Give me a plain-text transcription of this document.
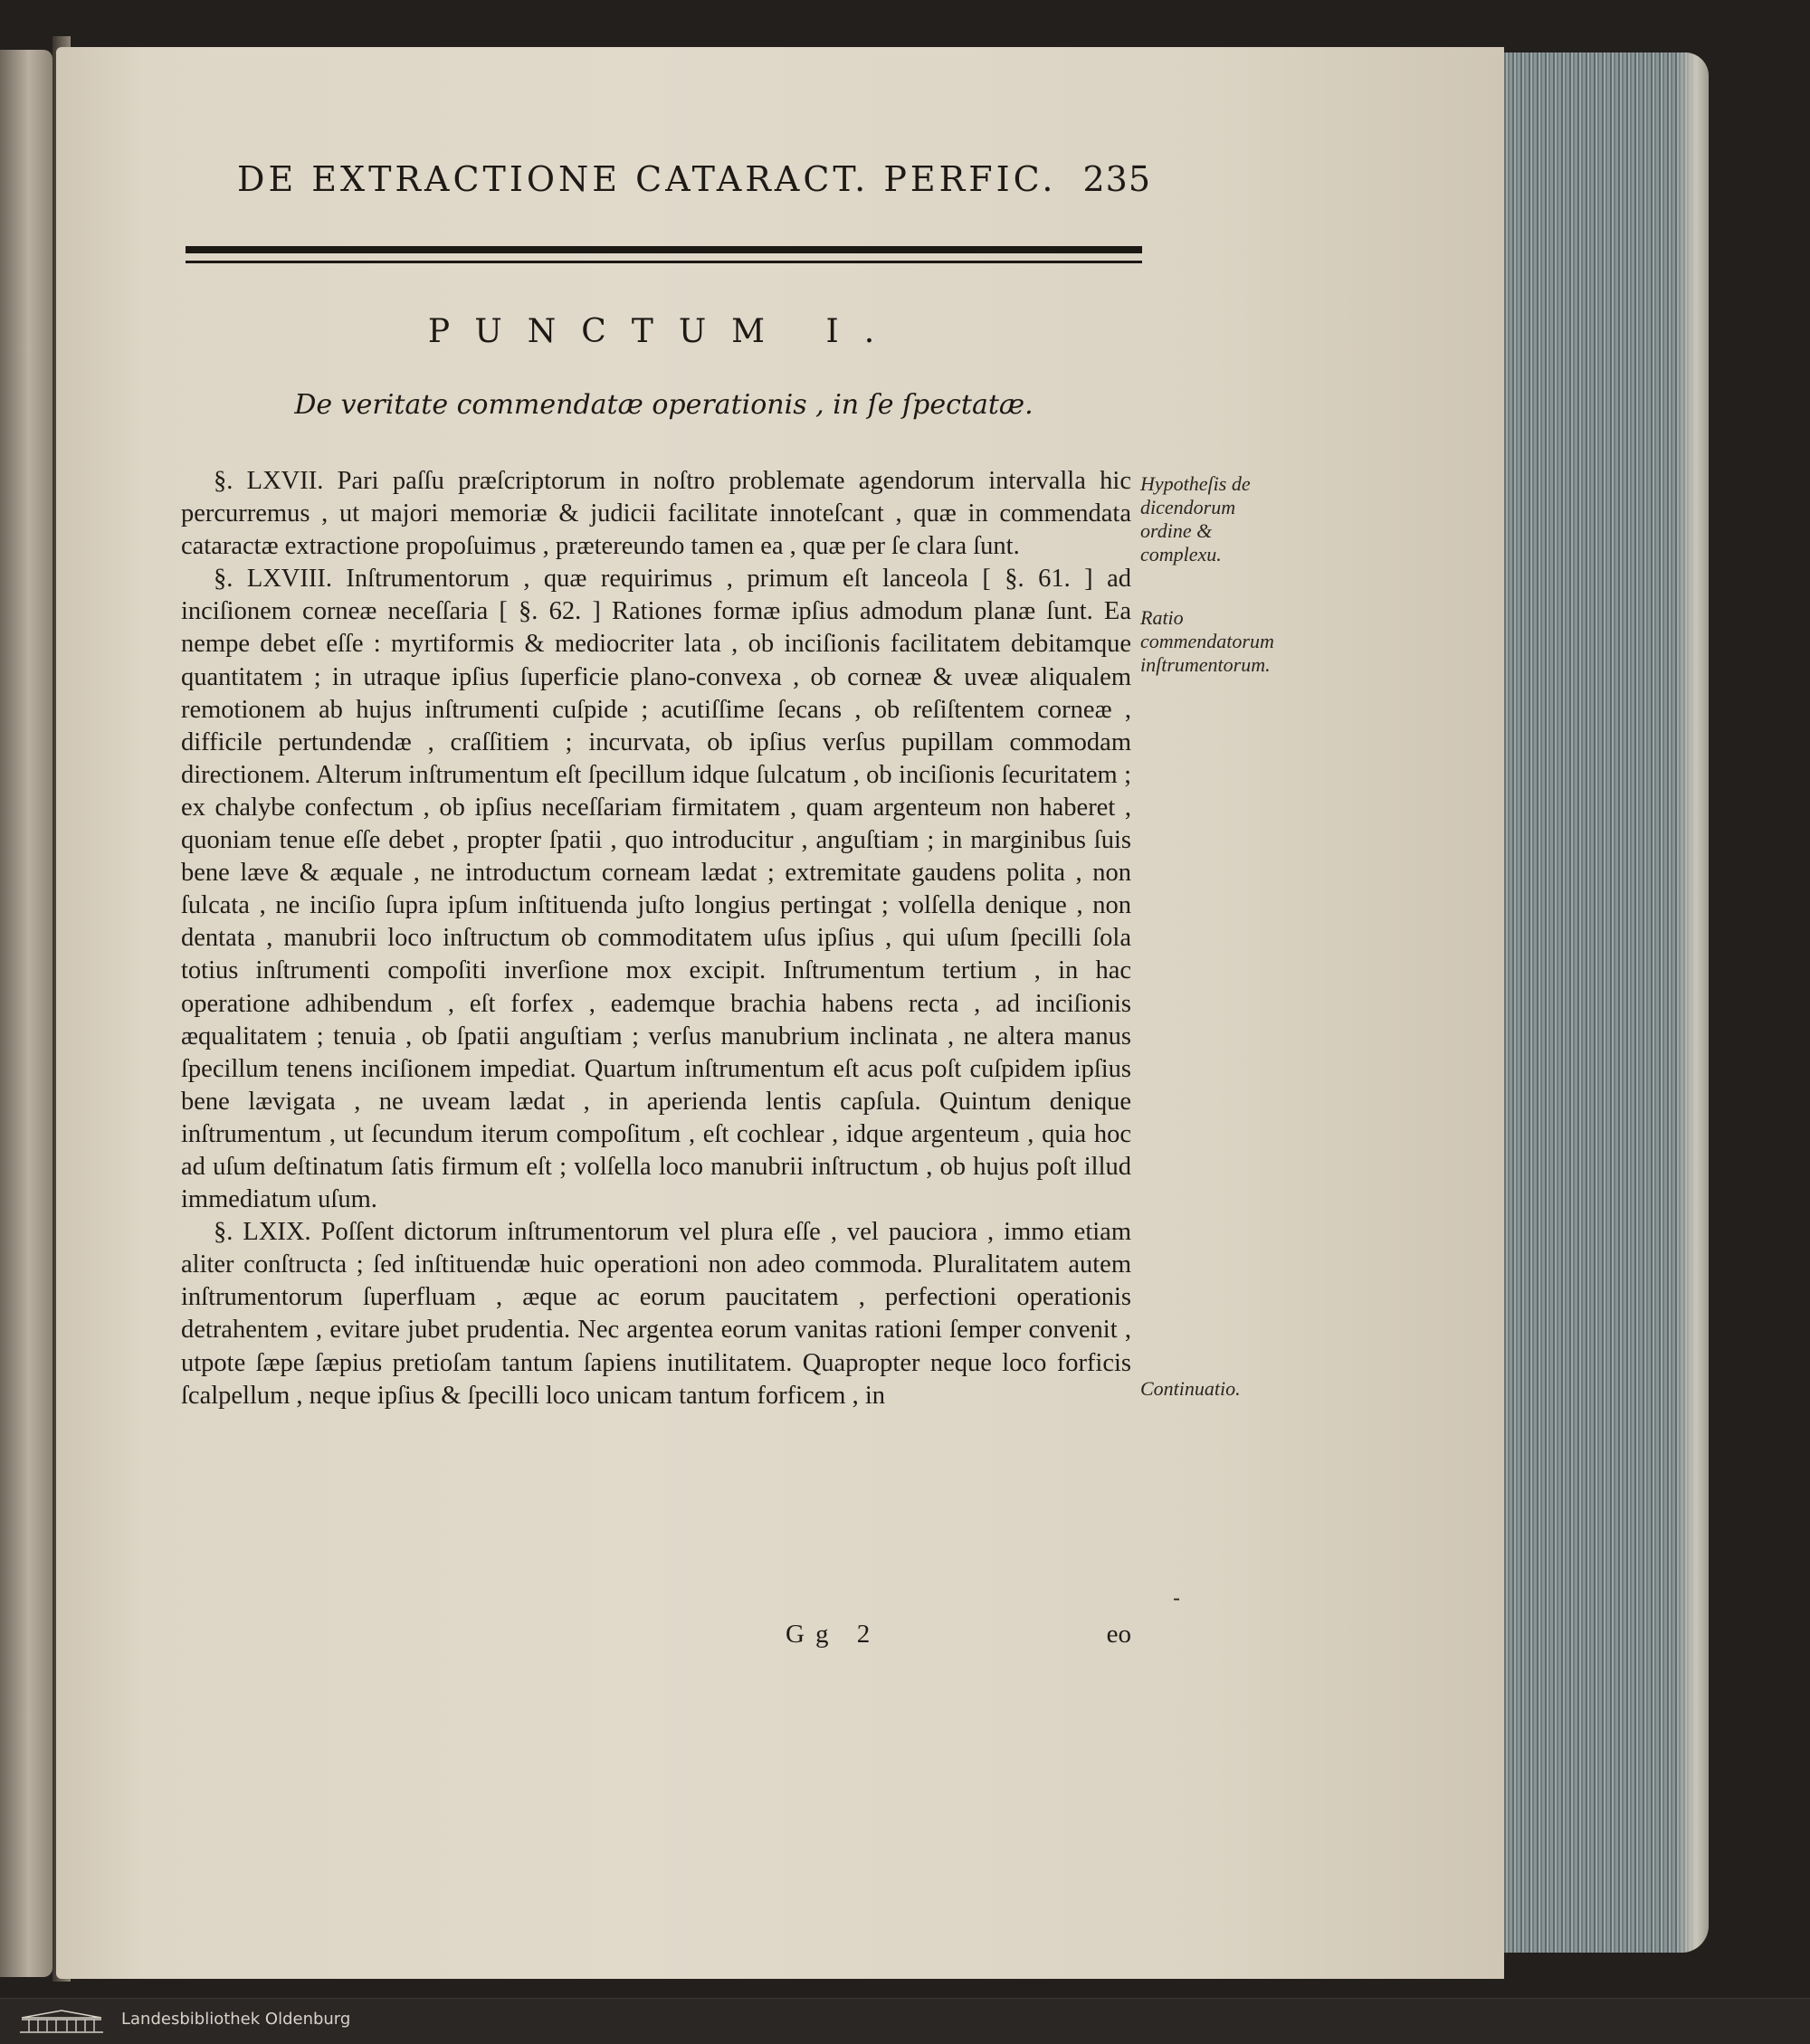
DE EXTRACTIONE CATARACT. PERFIC. 235
PUNCTUM I.
De veritate commendatæ operationis , in ſe ſpectatæ.

§. LXVII. Pari paſſu præſcriptorum in noſtro problemate agendorum intervalla hic percurremus , ut majori memoriæ & judicii facilitate innoteſcant , quæ in commendata cataractæ extractione propoſuimus , prætereundo tamen ea , quæ per ſe clara ſunt.

§. LXVIII. Inſtrumentorum , quæ requirimus , primum eſt lanceola [ §. 61. ] ad inciſionem corneæ neceſſaria [ §. 62. ] Rationes formæ ipſius admodum planæ ſunt. Ea nempe debet eſſe : myrtiformis & mediocriter lata , ob inciſionis facilitatem debitamque quantitatem ; in utraque ipſius ſuperficie plano-convexa , ob corneæ & uveæ aliqualem remotionem ab hujus inſtrumenti cuſpide ; acutiſſime ſecans , ob reſiſtentem corneæ , difficile pertundendæ , craſſitiem ; incurvata, ob ipſius verſus pupillam commodam directionem. Alterum inſtrumentum eſt ſpecillum idque ſulcatum , ob inciſionis ſecuritatem ; ex chalybe confectum , ob ipſius neceſſariam firmitatem , quam argenteum non haberet , quoniam tenue eſſe debet , propter ſpatii , quo introducitur , anguſtiam ; in marginibus ſuis bene læve & æquale , ne introductum corneam lædat ; extremitate gaudens polita , non ſulcata , ne inciſio ſupra ipſum inſtituenda juſto longius pertingat ; volſella denique , non dentata , manubrii loco inſtructum ob commoditatem uſus ipſius , qui uſum ſpecilli ſola totius inſtrumenti compoſiti inverſione mox excipit. Inſtrumentum tertium , in hac operatione adhibendum , eſt forfex , eademque brachia habens recta , ad inciſionis æqualitatem ; tenuia , ob ſpatii anguſtiam ; verſus manubrium inclinata , ne altera manus ſpecillum tenens inciſionem impediat. Quartum inſtrumentum eſt acus poſt cuſpidem ipſius bene lævigata , ne uveam lædat , in aperienda lentis capſula. Quintum denique inſtrumentum , ut ſecundum iterum compoſitum , eſt cochlear , idque argenteum , quia hoc ad uſum deſtinatum ſatis firmum eſt ; volſella loco manubrii inſtructum , ob hujus poſt illud immediatum uſum.

§. LXIX. Poſſent dictorum inſtrumentorum vel plura eſſe , vel pauciora , immo etiam aliter conſtructa ; ſed inſtituendæ huic operationi non adeo commoda. Pluralitatem autem inſtrumentorum ſuperfluam , æque ac eorum paucitatem , perfectioni operationis detrahentem , evitare jubet prudentia. Nec argentea eorum vanitas rationi ſemper convenit , utpote ſæpe ſæpius pretioſam tantum ſapiens inutilitatem. Quapropter neque loco forficis ſcalpellum , neque ipſius & ſpecilli loco unicam tantum forficem , in

Hypotheſis de dicendorum ordine & complexu.
Ratio commendatorum inſtrumentorum.
Continuatio.
-
Gg 2	eo
Landesbibliothek Oldenburg
